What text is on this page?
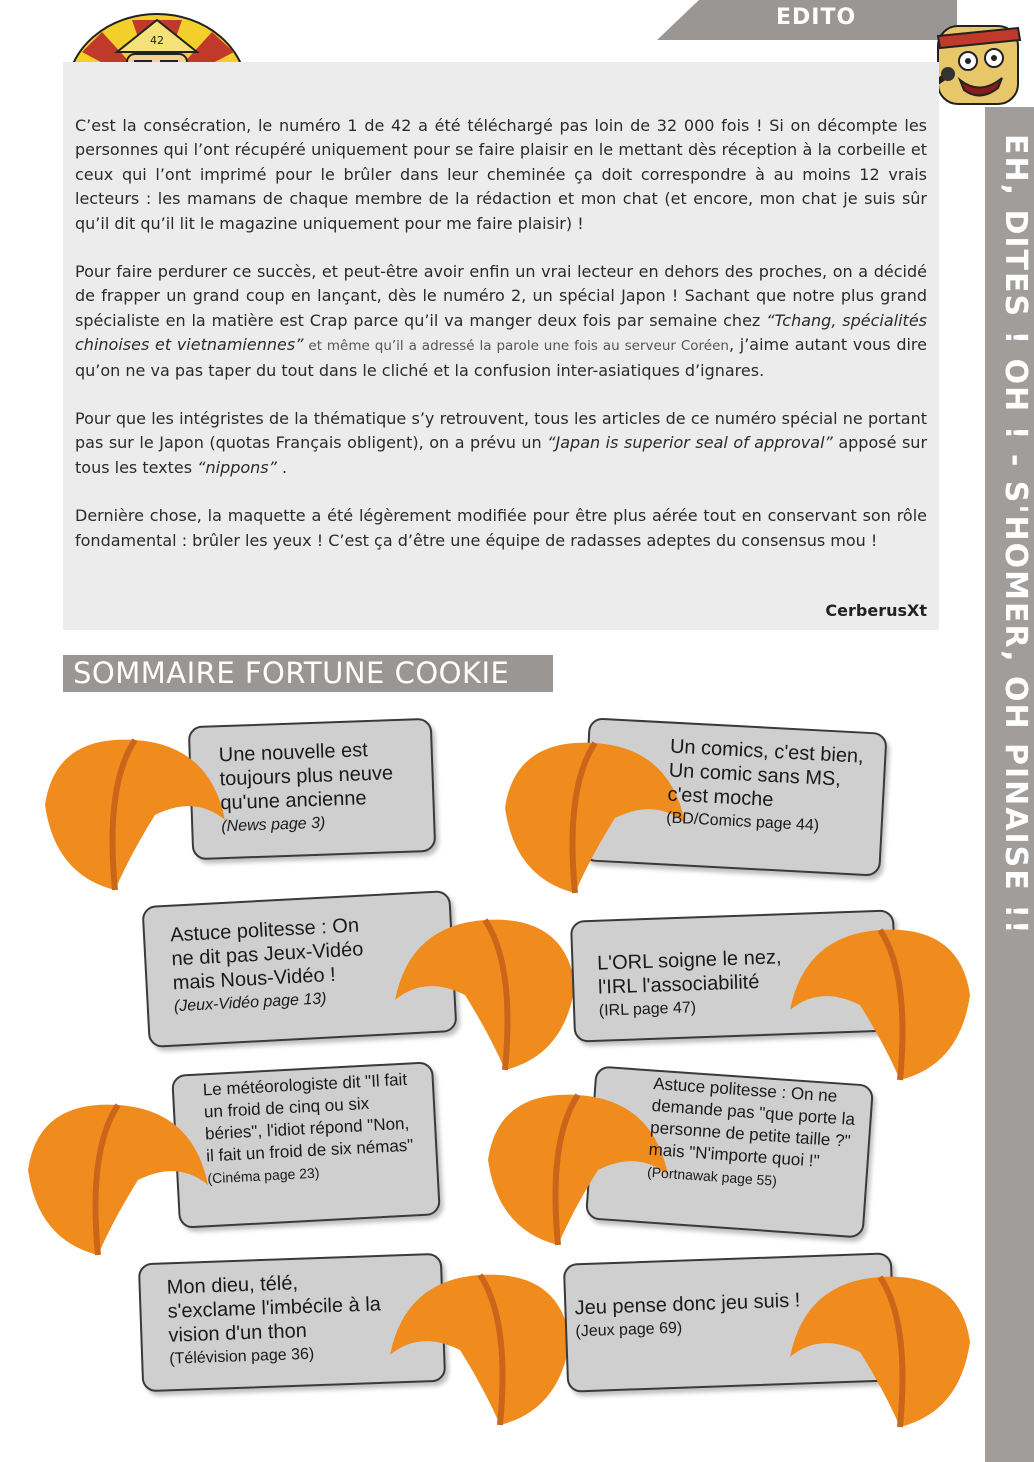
EDITO
42
EH, DITES ! OH ! - S'HOMER, OH PINAISE !!

C’est la consécration, le numéro 1 de 42 a été téléchargé pas loin de 32 000 fois ! Si on décompte les personnes qui l’ont récupéré uniquement pour se faire plaisir en le mettant dès réception à la corbeille et ceux qui l’ont imprimé pour le brûler dans leur cheminée ça doit correspondre à au moins 12 vrais lecteurs : les mamans de chaque membre de la rédaction et mon chat (et encore, mon chat je suis sûr qu’il dit qu’il lit le magazine uniquement pour me faire plaisir) !

Pour faire perdurer ce succès, et peut-être avoir enfin un vrai lecteur en dehors des proches, on a décidé de frapper un grand coup en lançant, dès le numéro 2, un spécial Japon ! Sachant que notre plus grand spécialiste en la matière est Crap parce qu’il va manger deux fois par semaine chez “Tchang, spécialités chinoises et vietnamiennes” et même qu’il a adressé la parole une fois au serveur Coréen, j’aime autant vous dire qu’on ne va pas taper du tout dans le cliché et la confusion inter-asiatiques d’ignares.

Pour que les intégristes de la thématique s’y retrouvent, tous les articles de ce numéro spécial ne portant pas sur le Japon (quotas Français obligent), on a prévu un “Japan is superior seal of approval” apposé sur tous les textes “nippons” .

Dernière chose, la maquette a été légèrement modifiée pour être plus aérée tout en conservant son rôle fondamental : brûler les yeux ! C’est ça d’être une équipe de radasses adeptes du consensus mou !

CerberusXt
SOMMAIRE FORTUNE COOKIE
Une nouvelle est toujours plus neuve qu'une ancienne
(News page 3)
Un comics, c'est bien, Un comic sans MS, c'est moche
(BD/Comics page 44)
Astuce politesse : On ne dit pas Jeux-Vidéo mais Nous-Vidéo !
(Jeux-Vidéo page 13)
L'ORL soigne le nez, l'IRL l'associabilité
(IRL page 47)
Le météorologiste dit "Il fait un froid de cinq ou six béries", l'idiot répond "Non, il fait un froid de six némas"
(Cinéma page 23)
Astuce politesse : On ne demande pas "que porte la personne de petite taille ?" mais "N'importe quoi !"
(Portnawak page 55)
Mon dieu, télé, s'exclame l'imbécile à la vision d'un thon
(Télévision page 36)
Jeu pense donc jeu suis !
(Jeux page 69)
